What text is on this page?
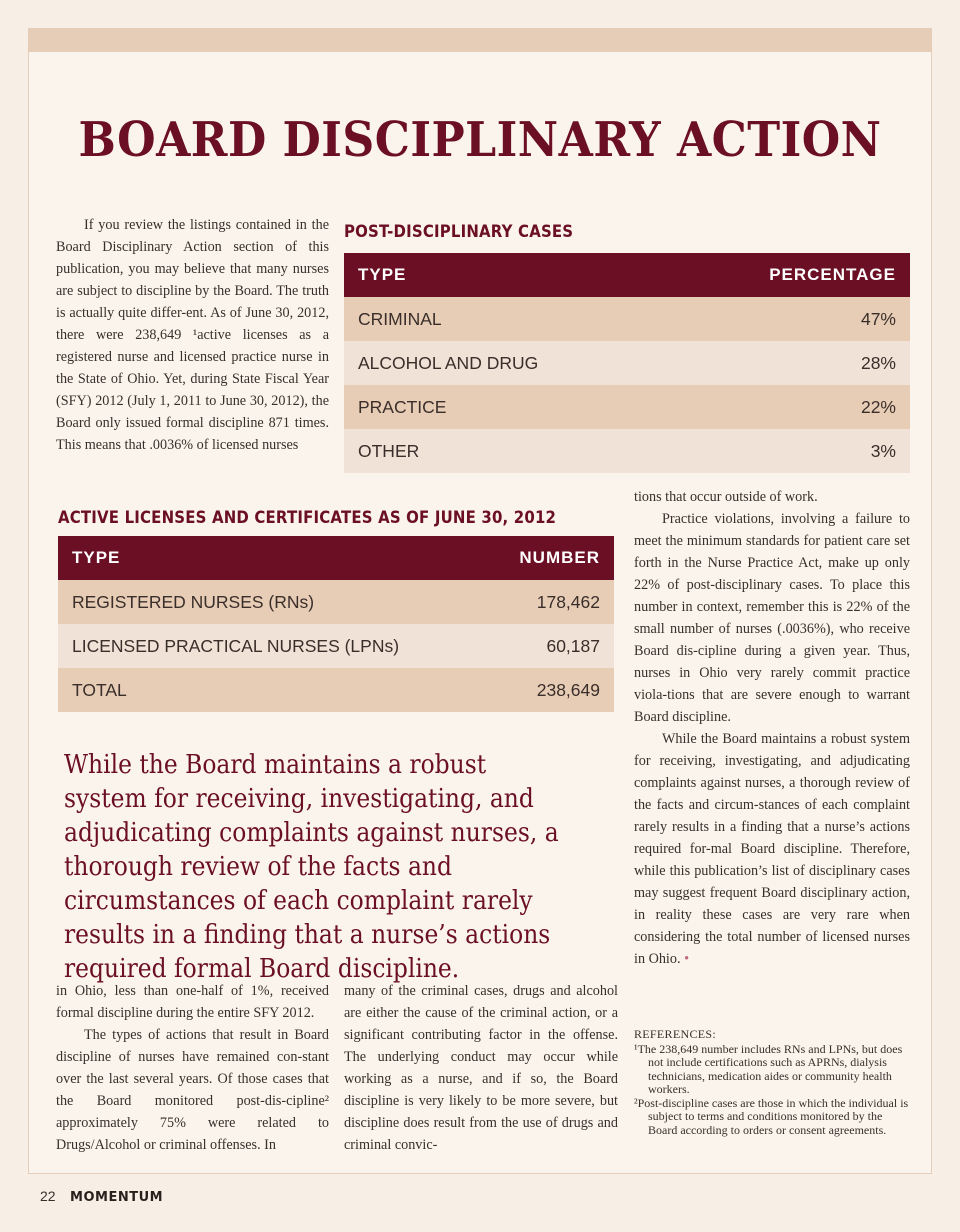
BOARD DISCIPLINARY ACTION

If you review the listings contained in the Board Disciplinary Action section of this publication, you may believe that many nurses are subject to discipline by the Board. The truth is actually quite differ-ent. As of June 30, 2012, there were 238,649 ¹active licenses as a registered nurse and licensed practice nurse in the State of Ohio. Yet, during State Fiscal Year (SFY) 2012 (July 1, 2011 to June 30, 2012), the Board only issued formal discipline 871 times. This means that .0036% of licensed nurses

POST-DISCIPLINARY CASES
TYPE	PERCENTAGE
CRIMINAL	47%
ALCOHOL AND DRUG	28%
PRACTICE	22%
OTHER	3%
ACTIVE LICENSES AND CERTIFICATES AS OF JUNE 30, 2012
TYPE	NUMBER
REGISTERED NURSES (RNs)	178,462
LICENSED PRACTICAL NURSES (LPNs)	60,187
TOTAL	238,649

While the Board maintains a robust system for receiving, investigating, and adjudicating complaints against nurses, a thorough review of the facts and circumstances of each complaint rarely results in a finding that a nurse’s actions required formal Board discipline.

in Ohio, less than one-half of 1%, received formal discipline during the entire SFY 2012.

The types of actions that result in Board discipline of nurses have remained con-stant over the last several years. Of those cases that the Board monitored post-dis-cipline² approximately 75% were related to Drugs/Alcohol or criminal offenses. In

many of the criminal cases, drugs and alcohol are either the cause of the criminal action, or a significant contributing factor in the offense. The underlying conduct may occur while working as a nurse, and if so, the Board discipline is very likely to be more severe, but discipline does result from the use of drugs and criminal convic-

tions that occur outside of work.

Practice violations, involving a failure to meet the minimum standards for patient care set forth in the Nurse Practice Act, make up only 22% of post-disciplinary cases. To place this number in context, remember this is 22% of the small number of nurses (.0036%), who receive Board dis-cipline during a given year. Thus, nurses in Ohio very rarely commit practice viola-tions that are severe enough to warrant Board discipline.

While the Board maintains a robust system for receiving, investigating, and adjudicating complaints against nurses, a thorough review of the facts and circum-stances of each complaint rarely results in a finding that a nurse’s actions required for-mal Board discipline. Therefore, while this publication’s list of disciplinary cases may suggest frequent Board disciplinary action, in reality these cases are very rare when considering the total number of licensed nurses in Ohio. •

REFERENCES:

¹The 238,649 number includes RNs and LPNs, but does not include certifications such as APRNs, dialysis technicians, medication aides or community health workers.

²Post-discipline cases are those in which the individual is subject to terms and conditions monitored by the Board according to orders or consent agreements.

22 MOMENTUM
